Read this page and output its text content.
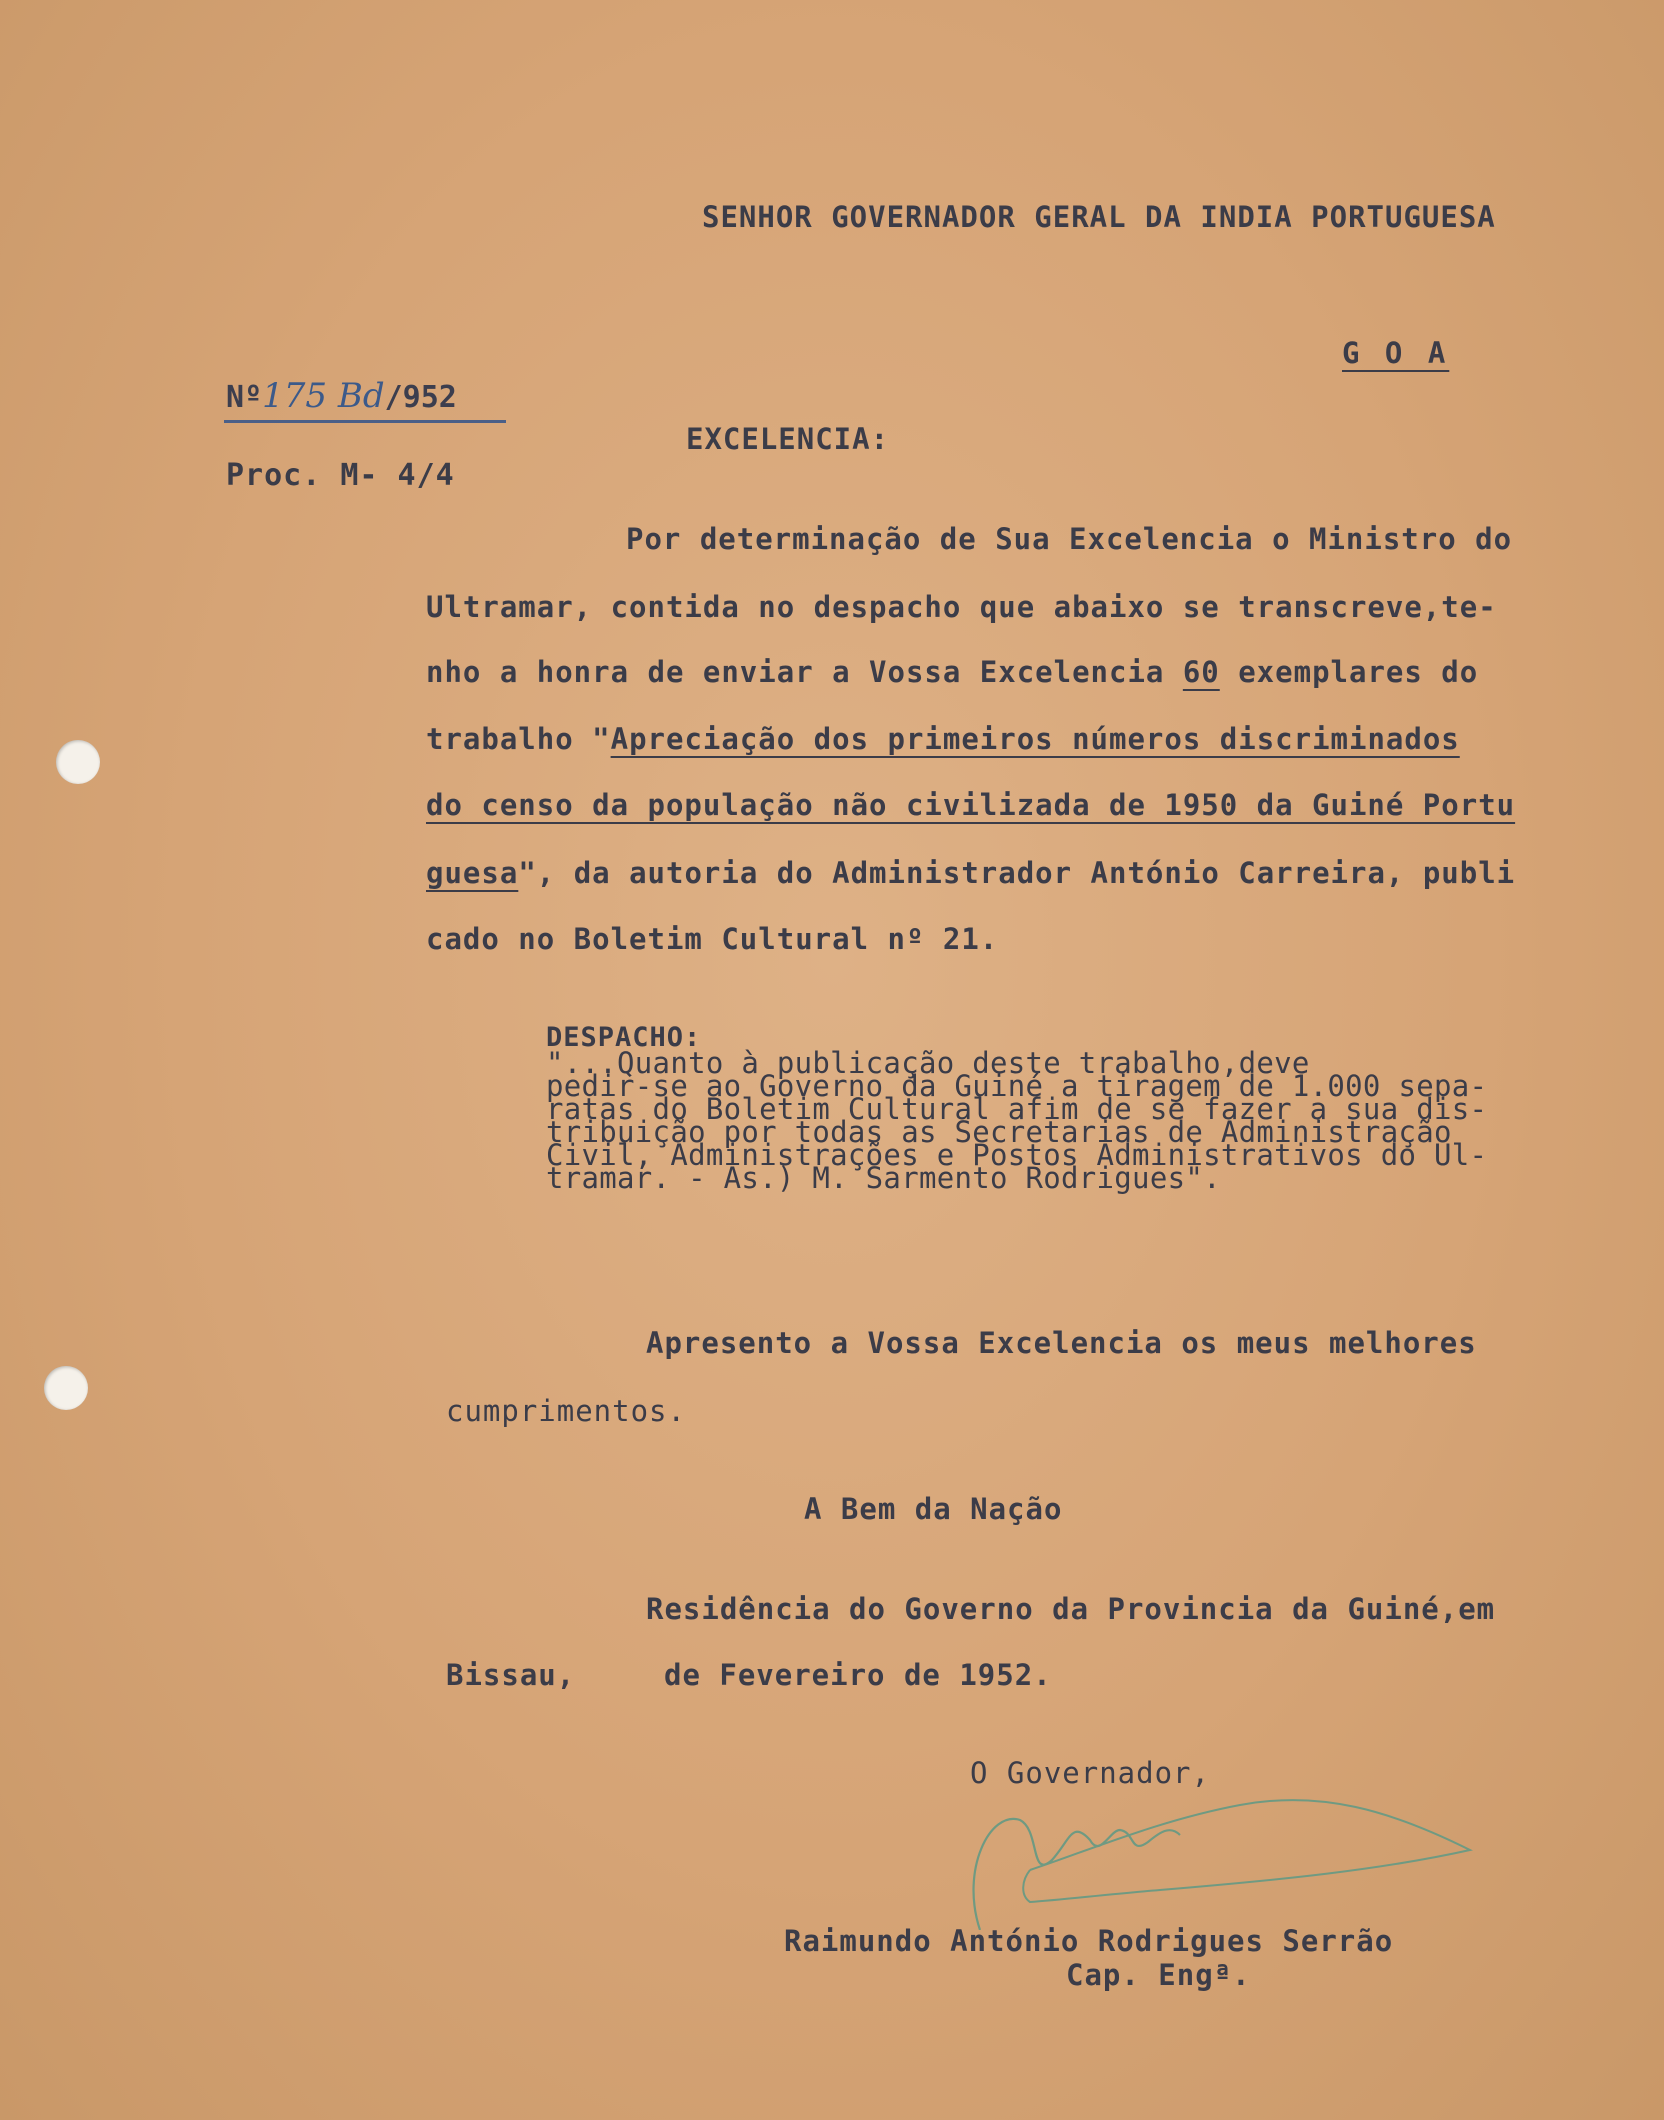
SENHOR GOVERNADOR GERAL DA INDIA PORTUGUESA

G O A

Nº175 Bd/952

Proc. M- 4/4

EXCELENCIA:

Por determinação de Sua Excelencia o Ministro do

Ultramar, contida no despacho que abaixo se transcreve,te-

nho a honra de enviar a Vossa Excelencia 60 exemplares do

trabalho "Apreciação dos primeiros números discriminados

do censo da população não civilizada de 1950 da Guiné Portu

guesa", da autoria do Administrador António Carreira, publi

cado no Boletim Cultural nº 21.

DESPACHO:

"...Quanto à publicação deste trabalho,deve
pedir-se ao Governo da Guiné a tiragem de 1.000 sepa-
ratas do Boletim Cultural afim de se fazer a sua dis-
tribuição por todas as Secretarias de Administração
Civil, Administrações e Postos Administrativos do Ul-
tramar. - As.) M. Sarmento Rodrigues".

Apresento a Vossa Excelencia os meus melhores

cumprimentos.

A Bem da Nação

Residência do Governo da Provincia da Guiné,em

Bissau,	de Fevereiro de 1952.

O Governador,

Raimundo António Rodrigues Serrão

Cap. Engª.
